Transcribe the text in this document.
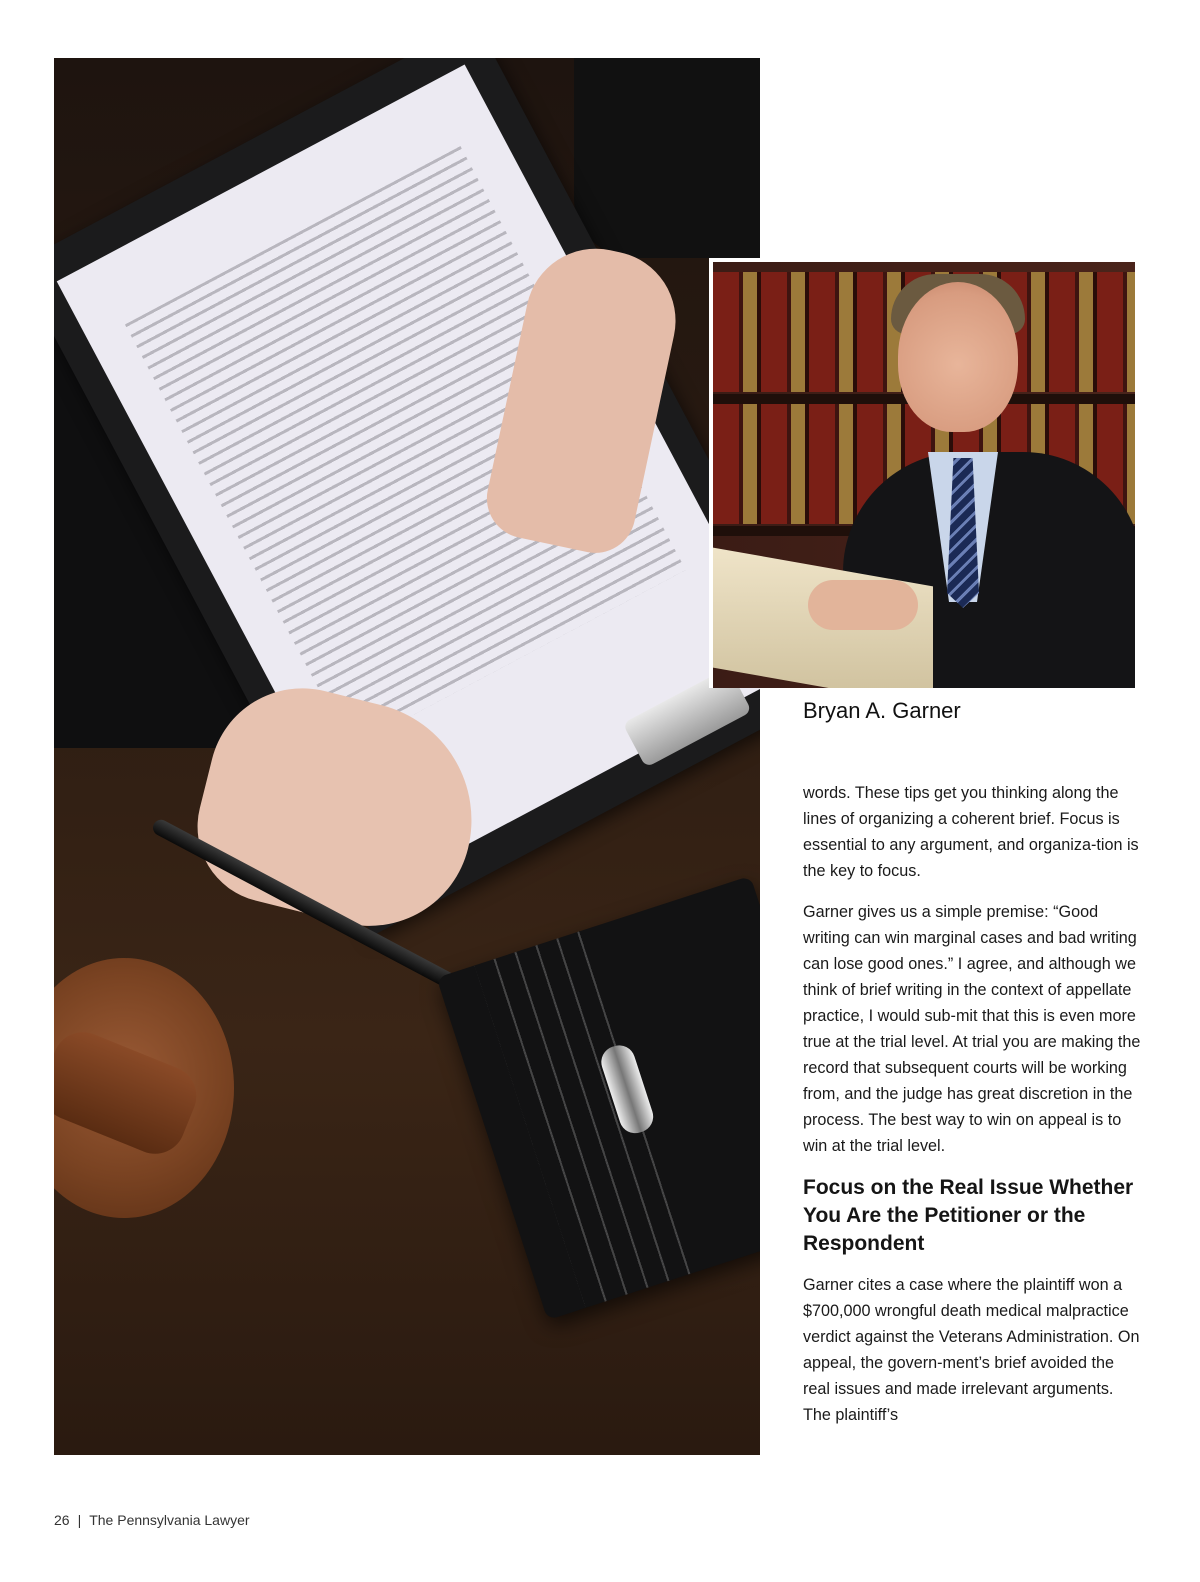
Bryan A. Garner

words. These tips get you thinking along the lines of organizing a coherent brief. Focus is essential to any argument, and organiza-tion is the key to focus.

Garner gives us a simple premise: “Good writing can win marginal cases and bad writing can lose good ones.” I agree, and although we think of brief writing in the context of appellate practice, I would sub-mit that this is even more true at the trial level. At trial you are making the record that subsequent courts will be working from, and the judge has great discretion in the process. The best way to win on appeal is to win at the trial level.

Focus on the Real Issue Whether You Are the Petitioner or the Respondent

Garner cites a case where the plaintiff won a $700,000 wrongful death medical malpractice verdict against the Veterans Administration. On appeal, the govern-ment’s brief avoided the real issues and made irrelevant arguments. The plaintiff’s

26 | The Pennsylvania Lawyer
